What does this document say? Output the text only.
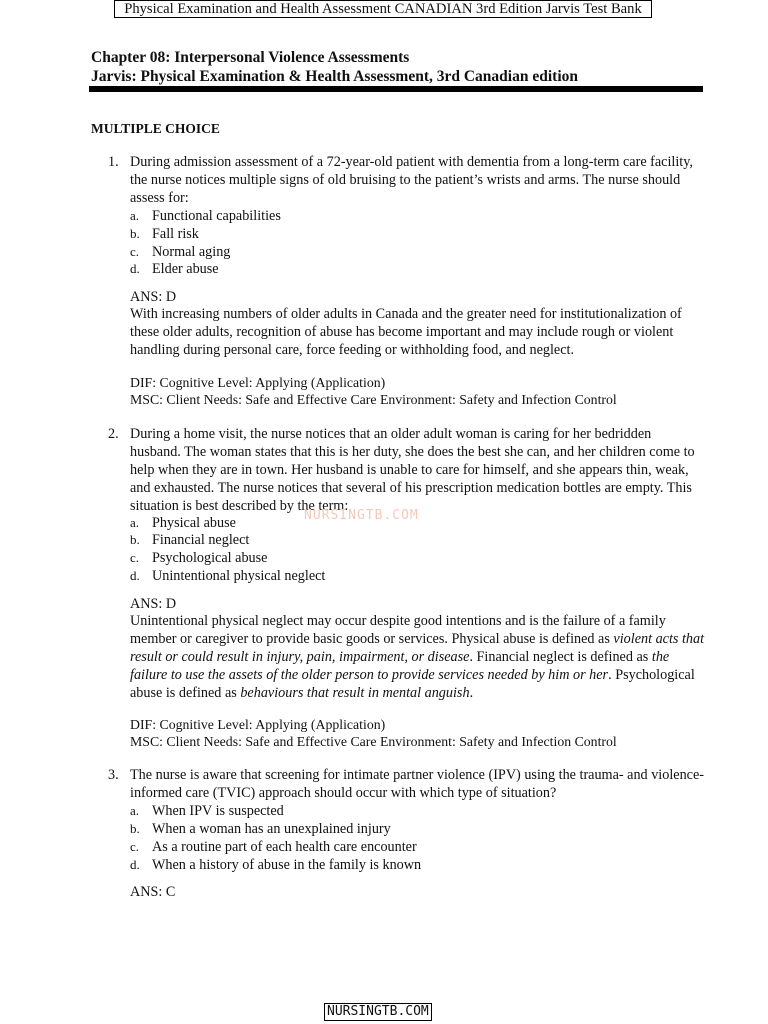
Physical Examination and Health Assessment CANADIAN 3rd Edition Jarvis Test Bank
Chapter 08: Interpersonal Violence Assessments
Jarvis: Physical Examination & Health Assessment, 3rd Canadian edition
MULTIPLE CHOICE
1. During admission assessment of a 72-year-old patient with dementia from a long-term care facility, the nurse notices multiple signs of old bruising to the patient’s wrists and arms. The nurse should assess for:
a. Functional capabilities
b. Fall risk
c. Normal aging
d. Elder abuse
ANS: D
With increasing numbers of older adults in Canada and the greater need for institutionalization of these older adults, recognition of abuse has become important and may include rough or violent handling during personal care, force feeding or withholding food, and neglect.
DIF: Cognitive Level: Applying (Application)
MSC: Client Needs: Safe and Effective Care Environment: Safety and Infection Control
2. During a home visit, the nurse notices that an older adult woman is caring for her bedridden husband. The woman states that this is her duty, she does the best she can, and her children come to help when they are in town. Her husband is unable to care for himself, and she appears thin, weak, and exhausted. The nurse notices that several of his prescription medication bottles are empty. This situation is best described by the term:
NURSINGTB.COM
a. Physical abuse
b. Financial neglect
c. Psychological abuse
d. Unintentional physical neglect
ANS: D
Unintentional physical neglect may occur despite good intentions and is the failure of a family member or caregiver to provide basic goods or services. Physical abuse is defined as violent acts that result or could result in injury, pain, impairment, or disease. Financial neglect is defined as the failure to use the assets of the older person to provide services needed by him or her. Psychological abuse is defined as behaviours that result in mental anguish.
DIF: Cognitive Level: Applying (Application)
MSC: Client Needs: Safe and Effective Care Environment: Safety and Infection Control
3. The nurse is aware that screening for intimate partner violence (IPV) using the trauma- and violence-informed care (TVIC) approach should occur with which type of situation?
a. When IPV is suspected
b. When a woman has an unexplained injury
c. As a routine part of each health care encounter
d. When a history of abuse in the family is known
ANS: C
NURSINGTB.COM
